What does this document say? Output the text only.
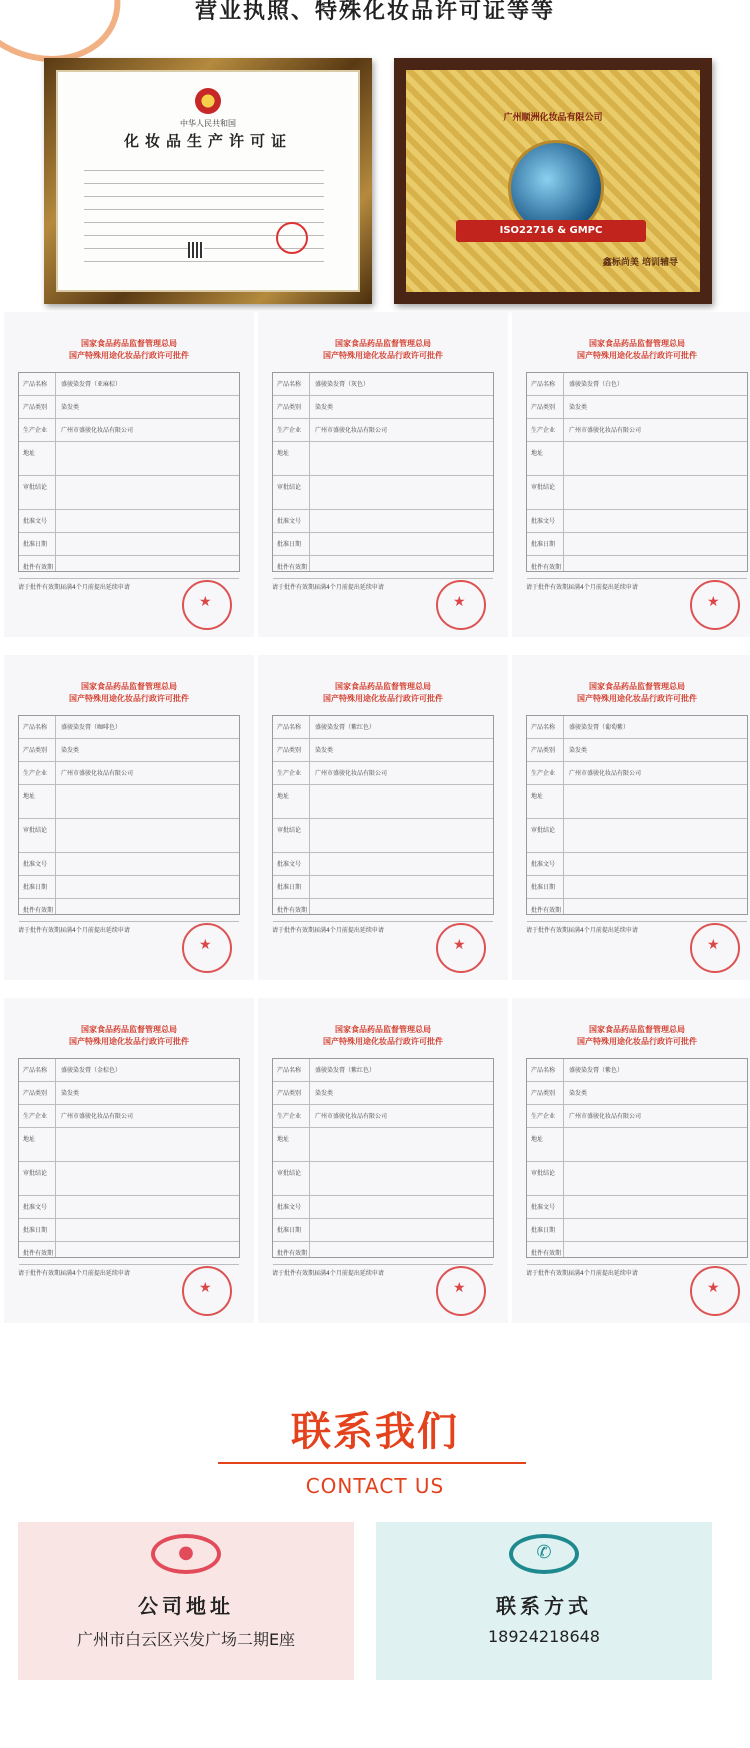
营业执照、特殊化妆品许可证等等
中华人民共和国
化妆品生产许可证
广州顺洲化妆品有限公司
ISO22716 & GMPC
鑫标尚美 培训辅导
国家食品药品监督管理总局
国产特殊用途化妆品行政许可批件
产品名称 盛骏染发膏（亚麻棕）
产品类别 染发类
生产企业 广州市盛骏化妆品有限公司
地址
审批结论
批准文号
批准日期
批件有效期
请于批件有效期届满4个月前提出延续申请
★
国家食品药品监督管理总局
国产特殊用途化妆品行政许可批件
产品名称 盛骏染发膏（灰色）
产品类别 染发类
生产企业 广州市盛骏化妆品有限公司
地址
审批结论
批准文号
批准日期
批件有效期
请于批件有效期届满4个月前提出延续申请
★
国家食品药品监督管理总局
国产特殊用途化妆品行政许可批件
产品名称 盛骏染发膏（白色）
产品类别 染发类
生产企业 广州市盛骏化妆品有限公司
地址
审批结论
批准文号
批准日期
批件有效期
请于批件有效期届满4个月前提出延续申请
★
国家食品药品监督管理总局
国产特殊用途化妆品行政许可批件
产品名称 盛骏染发膏（咖啡色）
产品类别 染发类
生产企业 广州市盛骏化妆品有限公司
地址
审批结论
批准文号
批准日期
批件有效期
请于批件有效期届满4个月前提出延续申请
★
国家食品药品监督管理总局
国产特殊用途化妆品行政许可批件
产品名称 盛骏染发膏（紫红色）
产品类别 染发类
生产企业 广州市盛骏化妆品有限公司
地址
审批结论
批准文号
批准日期
批件有效期
请于批件有效期届满4个月前提出延续申请
★
国家食品药品监督管理总局
国产特殊用途化妆品行政许可批件
产品名称 盛骏染发膏（葡萄紫）
产品类别 染发类
生产企业 广州市盛骏化妆品有限公司
地址
审批结论
批准文号
批准日期
批件有效期
请于批件有效期届满4个月前提出延续申请
★
国家食品药品监督管理总局
国产特殊用途化妆品行政许可批件
产品名称 盛骏染发膏（金棕色）
产品类别 染发类
生产企业 广州市盛骏化妆品有限公司
地址
审批结论
批准文号
批准日期
批件有效期
请于批件有效期届满4个月前提出延续申请
★
国家食品药品监督管理总局
国产特殊用途化妆品行政许可批件
产品名称 盛骏染发膏（紫红色）
产品类别 染发类
生产企业 广州市盛骏化妆品有限公司
地址
审批结论
批准文号
批准日期
批件有效期
请于批件有效期届满4个月前提出延续申请
★
国家食品药品监督管理总局
国产特殊用途化妆品行政许可批件
产品名称 盛骏染发膏（紫色）
产品类别 染发类
生产企业 广州市盛骏化妆品有限公司
地址
审批结论
批准文号
批准日期
批件有效期
请于批件有效期届满4个月前提出延续申请
★
联系我们
CONTACT US
●
公司地址
广州市白云区兴发广场二期E座
✆
联系方式
18924218648
